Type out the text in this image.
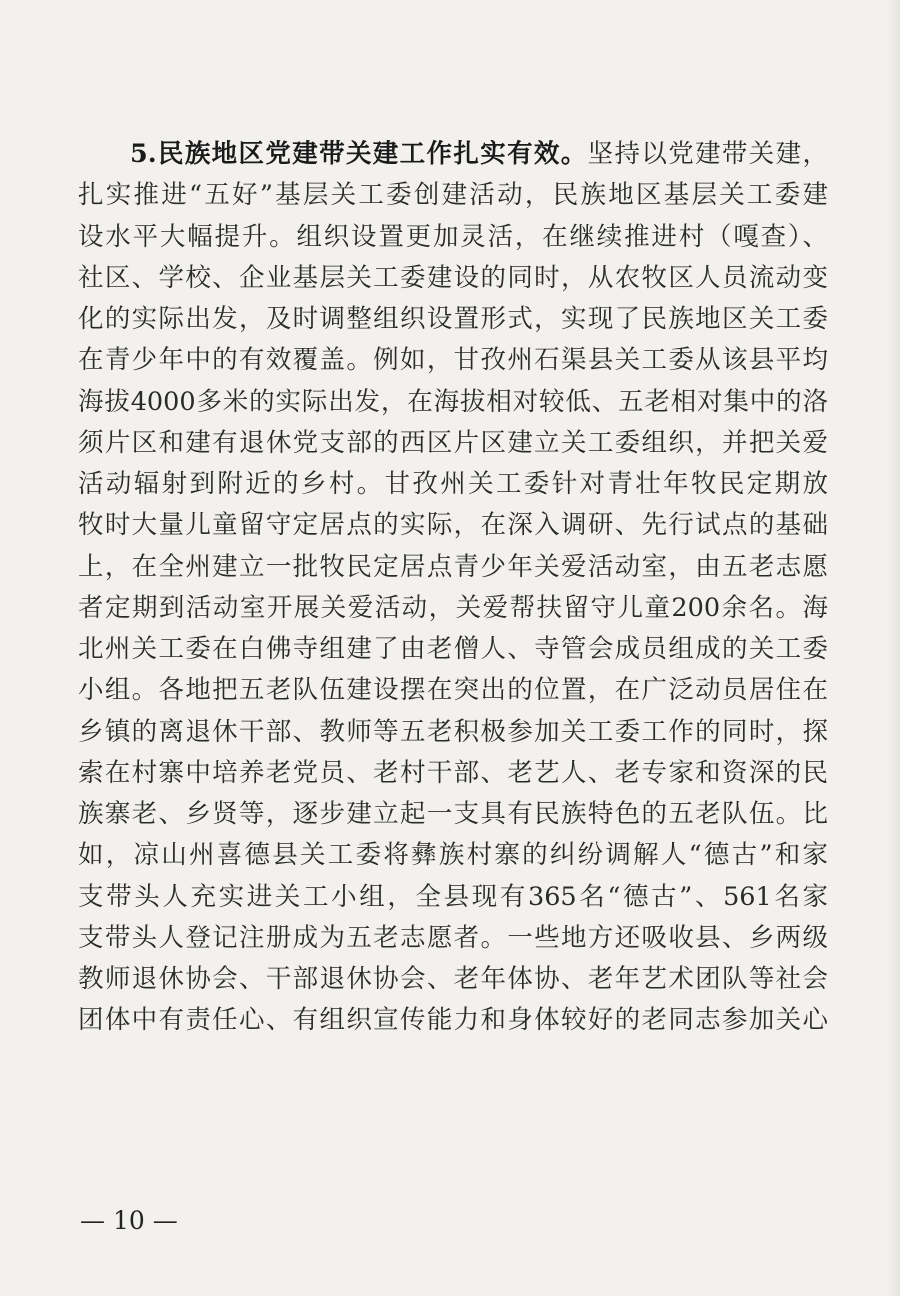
5.民族地区党建带关建工作扎实有效。坚持以党建带关建，
扎实推进“五好”基层关工委创建活动，民族地区基层关工委建
设水平大幅提升。组织设置更加灵活，在继续推进村（嘎查）、
社区、学校、企业基层关工委建设的同时，从农牧区人员流动变
化的实际出发，及时调整组织设置形式，实现了民族地区关工委
在青少年中的有效覆盖。例如，甘孜州石渠县关工委从该县平均
海拔4000多米的实际出发，在海拔相对较低、五老相对集中的洛
须片区和建有退休党支部的西区片区建立关工委组织，并把关爱
活动辐射到附近的乡村。甘孜州关工委针对青壮年牧民定期放
牧时大量儿童留守定居点的实际，在深入调研、先行试点的基础
上，在全州建立一批牧民定居点青少年关爱活动室，由五老志愿
者定期到活动室开展关爱活动，关爱帮扶留守儿童200余名。海
北州关工委在白佛寺组建了由老僧人、寺管会成员组成的关工委
小组。各地把五老队伍建设摆在突出的位置，在广泛动员居住在
乡镇的离退休干部、教师等五老积极参加关工委工作的同时，探
索在村寨中培养老党员、老村干部、老艺人、老专家和资深的民
族寨老、乡贤等，逐步建立起一支具有民族特色的五老队伍。比
如，凉山州喜德县关工委将彝族村寨的纠纷调解人“德古”和家
支带头人充实进关工小组，全县现有365名“德古”、561名家
支带头人登记注册成为五老志愿者。一些地方还吸收县、乡两级
教师退休协会、干部退休协会、老年体协、老年艺术团队等社会
团体中有责任心、有组织宣传能力和身体较好的老同志参加关心
— 10 —
